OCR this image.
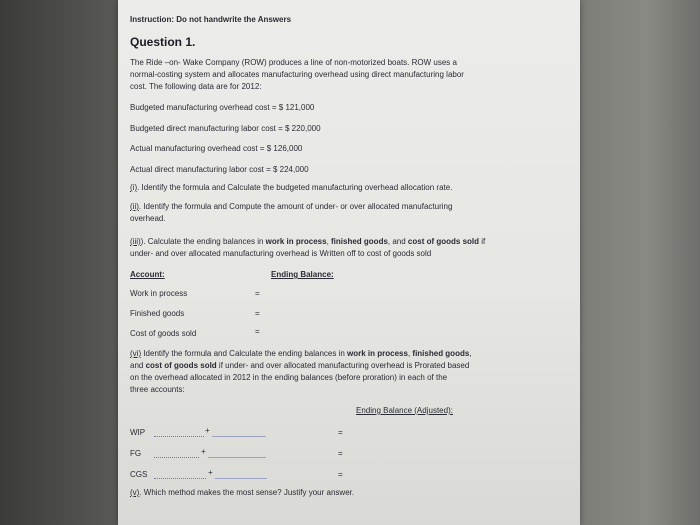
Instruction: Do not handwrite the Answers

Question 1.

The Ride –on- Wake Company (ROW) produces a line of non-motorized boats. ROW uses a

normal-costing system and allocates manufacturing overhead using direct manufacturing labor

cost. The following data are for 2012:

Budgeted manufacturing overhead cost = $ 121,000

Budgeted direct manufacturing labor cost = $ 220,000

Actual manufacturing overhead cost = $ 126,000

Actual direct manufacturing labor cost = $ 224,000

(i). Identify the formula and Calculate the budgeted manufacturing overhead allocation rate.

(ii). Identify the formula and Compute the amount of under- or over allocated manufacturing

overhead.

(iii)). Calculate the ending balances in work in process, finished goods, and cost of goods sold if

under- and over allocated manufacturing overhead is Written off to cost of goods sold

Account:	Ending Balance:

Work in process	=

Finished goods	=

Cost of goods sold	=

(vi) Identify the formula and Calculate the ending balances in work in process, finished goods,

and cost of goods sold if under- and over allocated manufacturing overhead is Prorated based

on the overhead allocated in 2012 in the ending balances (before proration) in each of the

three accounts:

Ending Balance (Adjusted):

WIP	+	=

FG	+	=

CGS	+	=

(v). Which method makes the most sense? Justify your answer.
